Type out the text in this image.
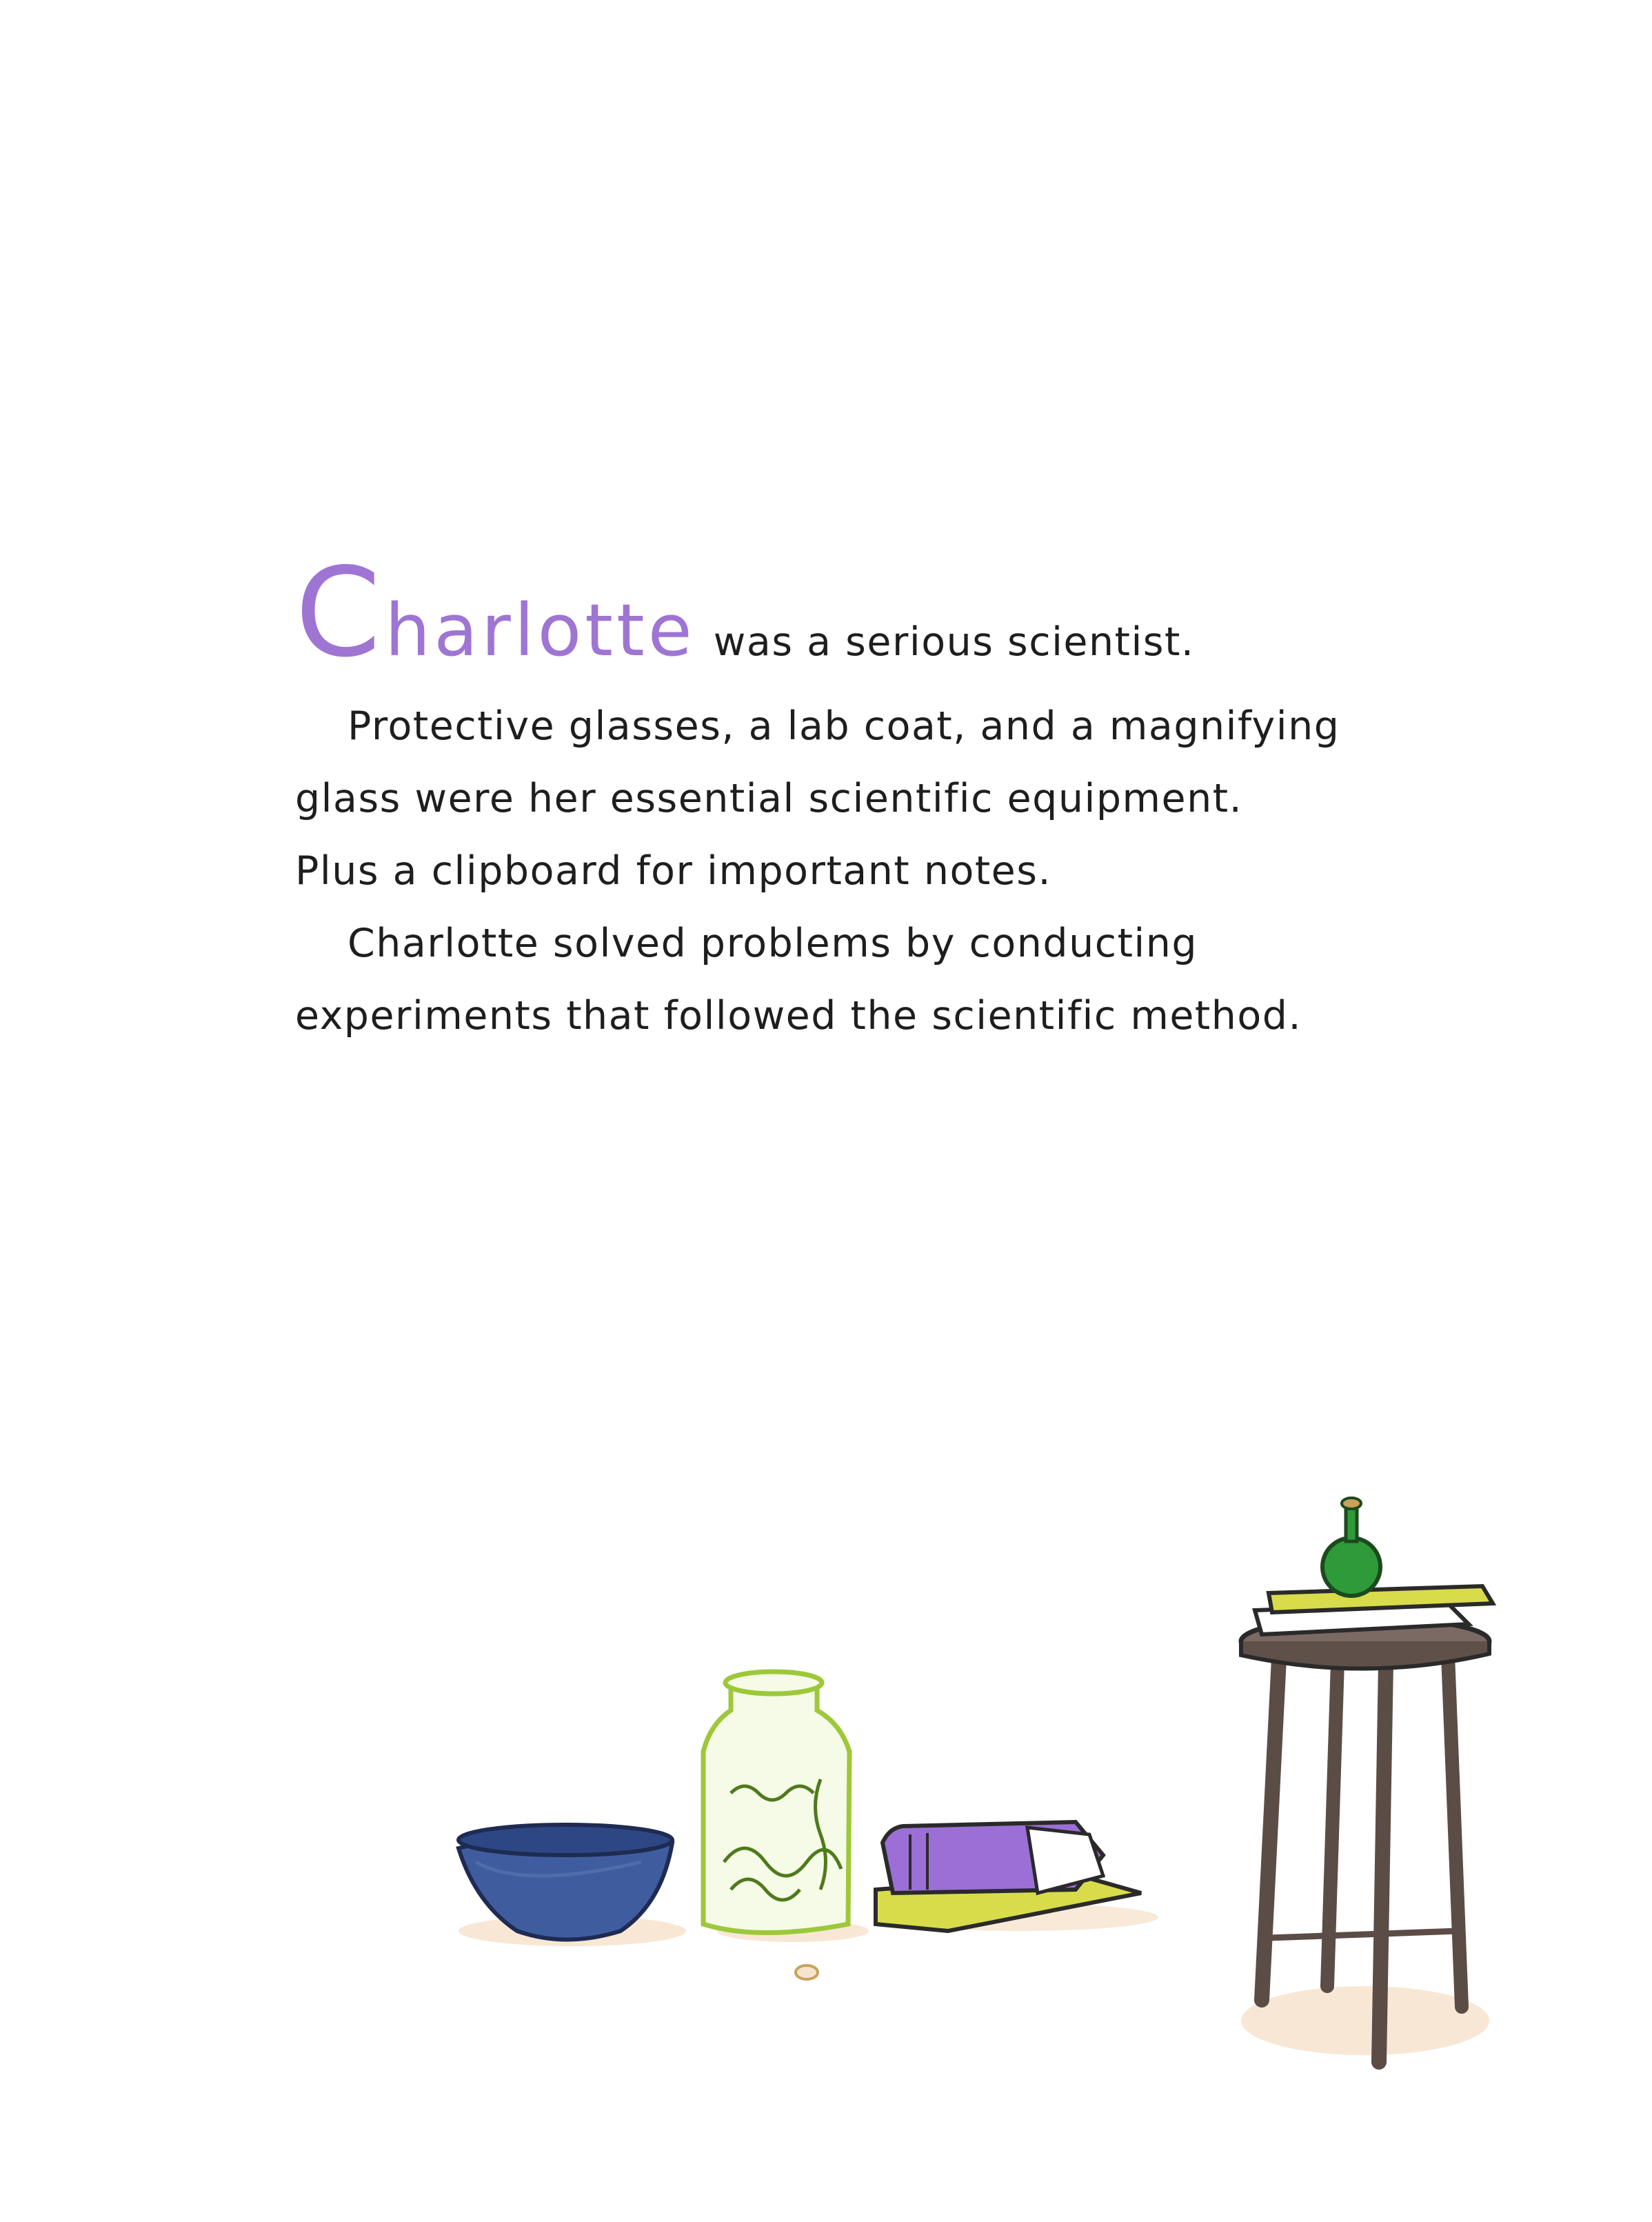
Charlotte was a serious scientist.
Protective glasses, a lab coat, and a magnifying
glass were her essential scientific equipment.
Plus a clipboard for important notes.
Charlotte solved problems by conducting
experiments that followed the scientific method.
